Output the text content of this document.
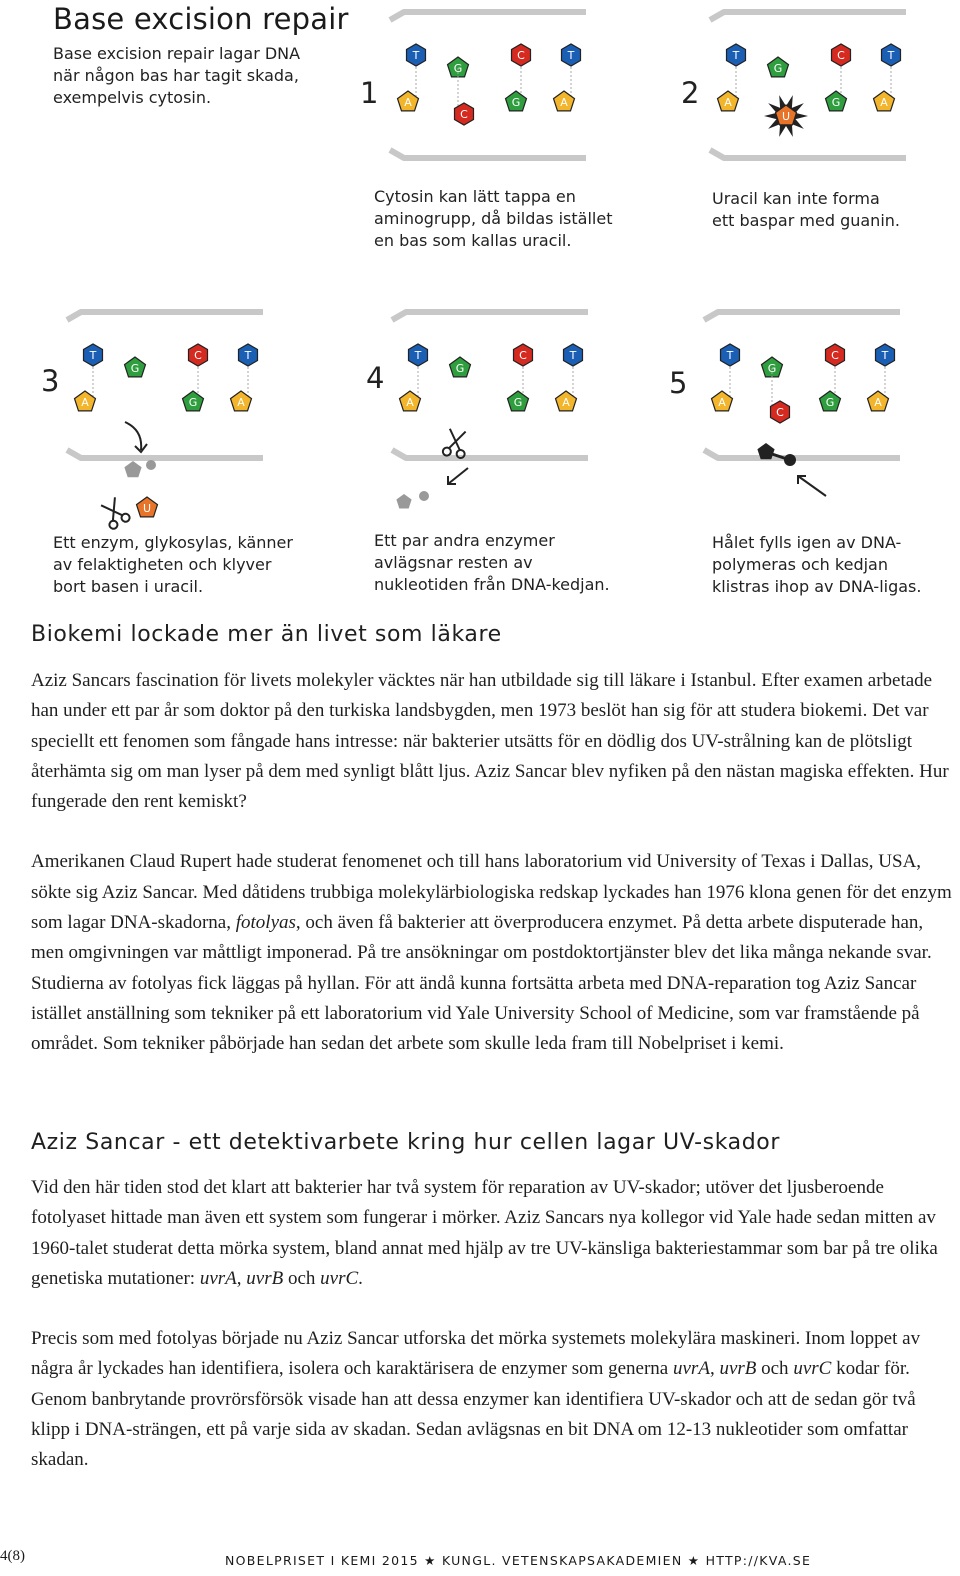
Base excision repair
Base excision repair lagar DNA
när någon bas har tagit skada,
exempelvis cytosin.	1	2
3	4	5
T
G
C	T
A	G	A
C
T
G
C	T
A	G	A
U
T
G
C	T
A	G	A
U
T
G
C	T
A	G	A
T
G
C	T
A	G	A
C
Cytosin kan lätt tappa en
aminogrupp, då bildas istället
en bas som kallas uracil.
Uracil kan inte forma
ett baspar med guanin.
Ett enzym, glykosylas, känner
av felaktigheten och klyver
bort basen i uracil.
Ett par andra enzymer
avlägsnar resten av
nukleotiden från DNA-kedjan.
Hålet fylls igen av DNA-
polymeras och kedjan
klistras ihop av DNA-ligas.
Biokemi lockade mer än livet som läkare

Aziz Sancars fascination för livets molekyler väcktes när han utbildade sig till läkare i Istanbul. Efter examen arbetade han under ett par år som doktor på den turkiska landsbygden, men 1973 beslöt han sig för att studera biokemi. Det var speciellt ett fenomen som fångade hans intresse: när bakterier utsätts för en dödlig dos UV-strålning kan de plötsligt återhämta sig om man lyser på dem med synligt blått ljus. Aziz Sancar blev nyfiken på den nästan magiska effekten. Hur fungerade den rent kemiskt?

Amerikanen Claud Rupert hade studerat fenomenet och till hans laboratorium vid University of Texas i Dallas, USA, sökte sig Aziz Sancar. Med dåtidens trubbiga molekylärbiologiska redskap lyckades han 1976 klona genen för det enzym som lagar DNA-skadorna, fotolyas, och även få bakterier att överproducera enzymet. På detta arbete disputerade han, men omgivningen var måttligt imponerad. På tre ansökningar om postdoktortjänster blev det lika många nekande svar. Studierna av fotolyas fick läggas på hyllan. För att ändå kunna fortsätta arbeta med DNA-reparation tog Aziz Sancar istället anställning som tekniker på ett laboratorium vid Yale University School of Medicine, som var framstående på området. Som tekniker påbörjade han sedan det arbete som skulle leda fram till Nobelpriset i kemi.

Aziz Sancar - ett detektivarbete kring hur cellen lagar UV-skador

Vid den här tiden stod det klart att bakterier har två system för reparation av UV-skador; utöver det ljusberoende fotolyaset hittade man även ett system som fungerar i mörker. Aziz Sancars nya kollegor vid Yale hade sedan mitten av 1960-talet studerat detta mörka system, bland annat med hjälp av tre UV-känsliga bakteriestammar som bar på tre olika genetiska mutationer: uvrA, uvrB och uvrC.

Precis som med fotolyas började nu Aziz Sancar utforska det mörka systemets molekylära maskineri. Inom loppet av några år lyckades han identifiera, isolera och karaktärisera de enzymer som generna uvrA, uvrB och uvrC kodar för. Genom banbrytande provrörsförsök visade han att dessa enzymer kan identifiera UV-skador och att de sedan gör två klipp i DNA-strängen, ett på varje sida av skadan. Sedan avlägsnas en bit DNA om 12-13 nukleotider som omfattar skadan.

4(8)	NOBELPRISET I KEMI 2015 ★ KUNGL. VETENSKAPSAKADEMIEN ★ HTTP://KVA.SE
